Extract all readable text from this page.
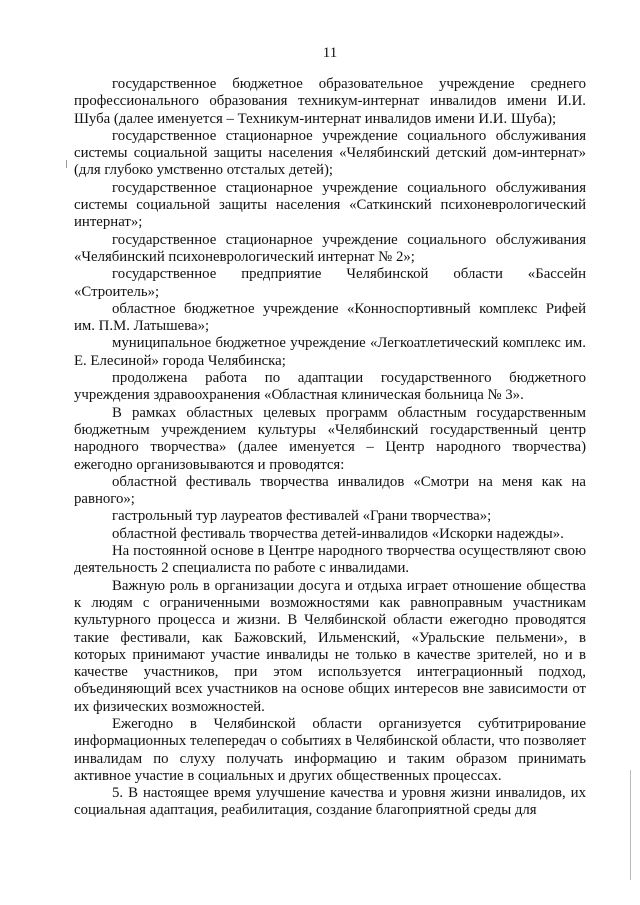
11

государственное бюджетное образовательное учреждение среднего профессионального образования техникум-интернат инвалидов имени И.И. Шуба (далее именуется – Техникум-интернат инвалидов имени И.И. Шуба);

государственное стационарное учреждение социального обслуживания системы социальной защиты населения «Челябинский детский дом-интернат» (для глубоко умственно отсталых детей);

государственное стационарное учреждение социального обслуживания системы социальной защиты населения «Саткинский психоневрологический интернат»;

государственное стационарное учреждение социального обслуживания «Челябинский психоневрологический интернат № 2»;

государственное предприятие Челябинской области «Бассейн «Строитель»;

областное бюджетное учреждение «Конноспортивный комплекс Рифей им. П.М. Латышева»;

муниципальное бюджетное учреждение «Легкоатлетический комплекс им. Е. Елесиной» города Челябинска;

продолжена работа по адаптации государственного бюджетного учреждения здравоохранения «Областная клиническая больница № 3».

В рамках областных целевых программ областным государственным бюджетным учреждением культуры «Челябинский государственный центр народного творчества» (далее именуется – Центр народного творчества) ежегодно организовываются и проводятся:

областной фестиваль творчества инвалидов «Смотри на меня как на равного»;

гастрольный тур лауреатов фестивалей «Грани творчества»;

областной фестиваль творчества детей-инвалидов «Искорки надежды».

На постоянной основе в Центре народного творчества осуществляют свою деятельность 2 специалиста по работе с инвалидами.

Важную роль в организации досуга и отдыха играет отношение общества к людям с ограниченными возможностями как равноправным участникам культурного процесса и жизни. В Челябинской области ежегодно проводятся такие фестивали, как Бажовский, Ильменский, «Уральские пельмени», в которых принимают участие инвалиды не только в качестве зрителей, но и в качестве участников, при этом используется интеграционный подход, объединяющий всех участников на основе общих интересов вне зависимости от их физических возможностей.

Ежегодно в Челябинской области организуется субтитрирование информационных телепередач о событиях в Челябинской области, что позволяет инвалидам по слуху получать информацию и таким образом принимать активное участие в социальных и других общественных процессах.

5. В настоящее время улучшение качества и уровня жизни инвалидов, их социальная адаптация, реабилитация, создание благоприятной среды для
